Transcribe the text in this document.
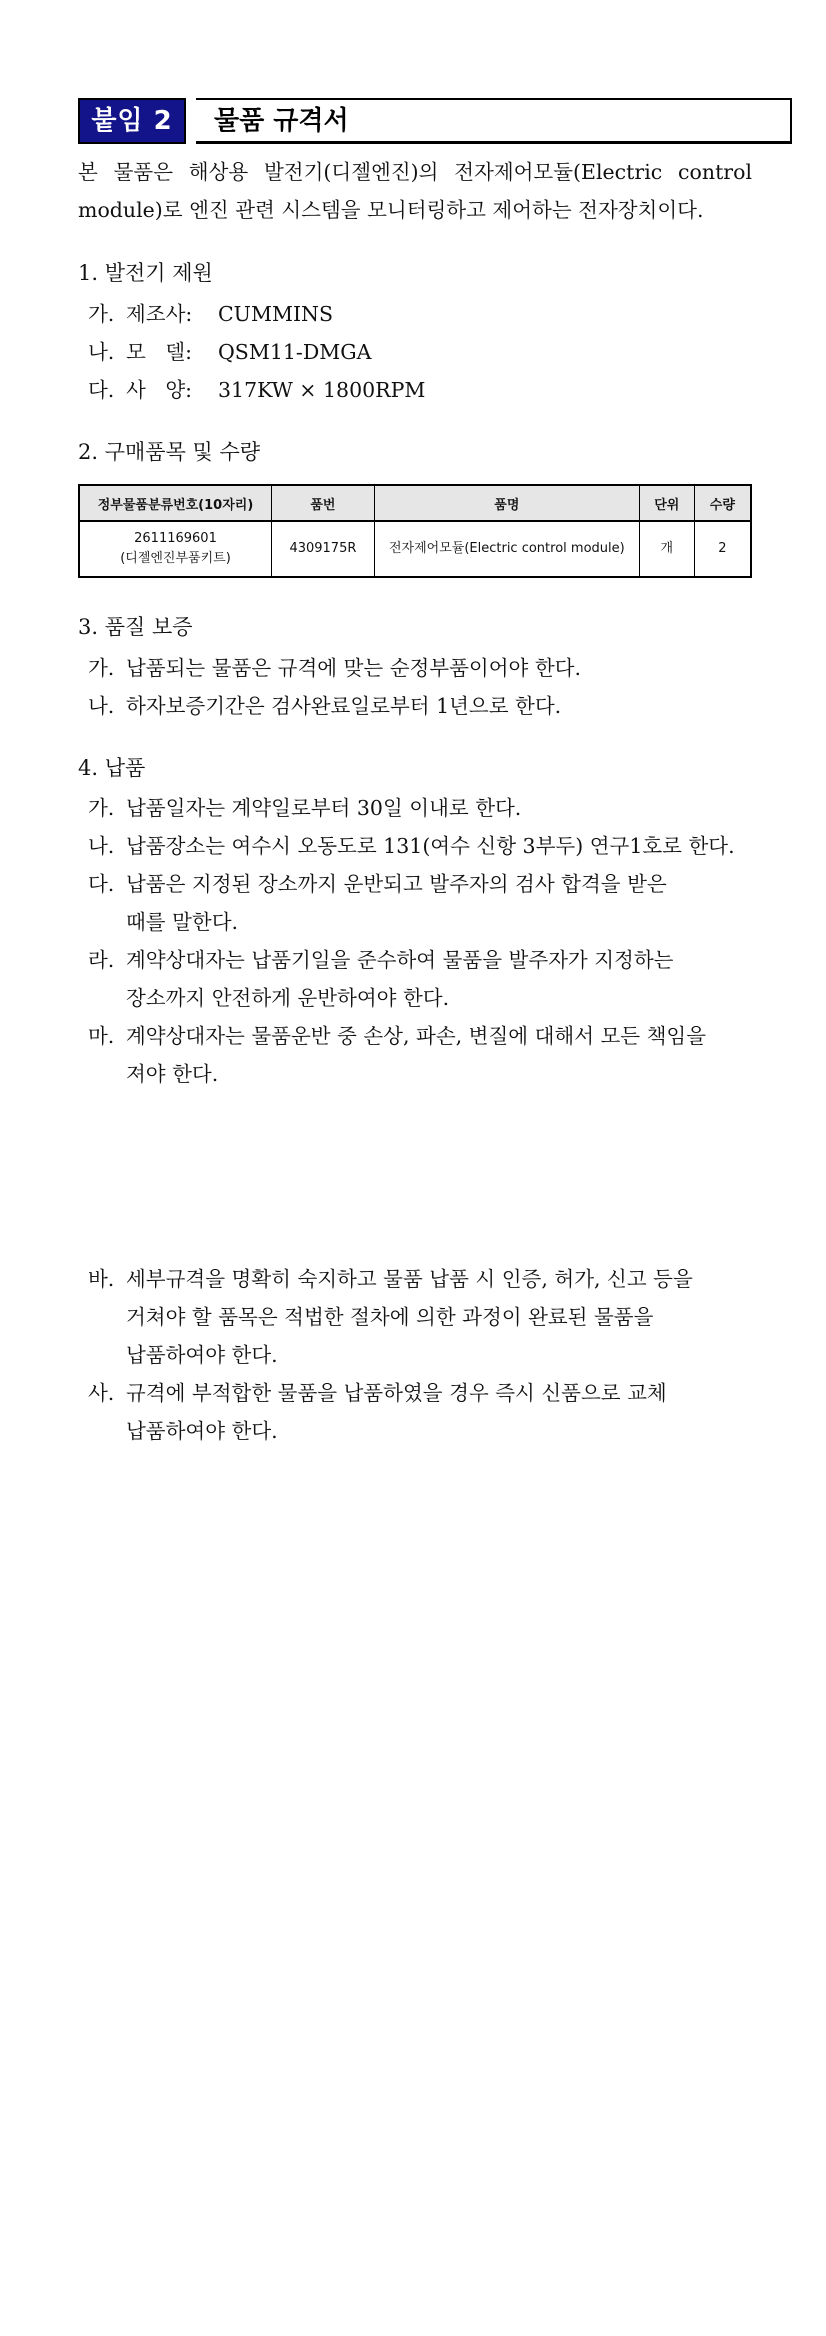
붙임 2	물품 규격서
본 물품은 해상용 발전기(디젤엔진)의 전자제어모듈(Electric control
module)로 엔진 관련 시스템을 모니터링하고 제어하는 전자장치이다.
1. 발전기 제원
가. 제조사: CUMMINS
나. 모   델: QSM11-DMGA
다. 사   양: 317KW × 1800RPM
2. 구매품목 및 수량
정부물품분류번호(10자리)	품번	품명	단위	수량

2611169601
(디젤엔진부품키트)	4309175R	전자제어모듈(Electric control module)	개	2
3. 품질 보증
가. 납품되는 물품은 규격에 맞는 순정부품이어야 한다.
나. 하자보증기간은 검사완료일로부터 1년으로 한다.
4. 납품
가. 납품일자는 계약일로부터 30일 이내로 한다.
나. 납품장소는 여수시 오동도로 131(여수 신항 3부두) 연구1호로 한다.
다. 납품은 지정된 장소까지 운반되고 발주자의 검사 합격을 받은
때를 말한다.
라. 계약상대자는 납품기일을 준수하여 물품을 발주자가 지정하는
장소까지 안전하게 운반하여야 한다.
마. 계약상대자는 물품운반 중 손상, 파손, 변질에 대해서 모든 책임을
져야 한다.
바. 세부규격을 명확히 숙지하고 물품 납품 시 인증, 허가, 신고 등을
거쳐야 할 품목은 적법한 절차에 의한 과정이 완료된 물품을
납품하여야 한다.
사. 규격에 부적합한 물품을 납품하였을 경우 즉시 신품으로 교체
납품하여야 한다.
